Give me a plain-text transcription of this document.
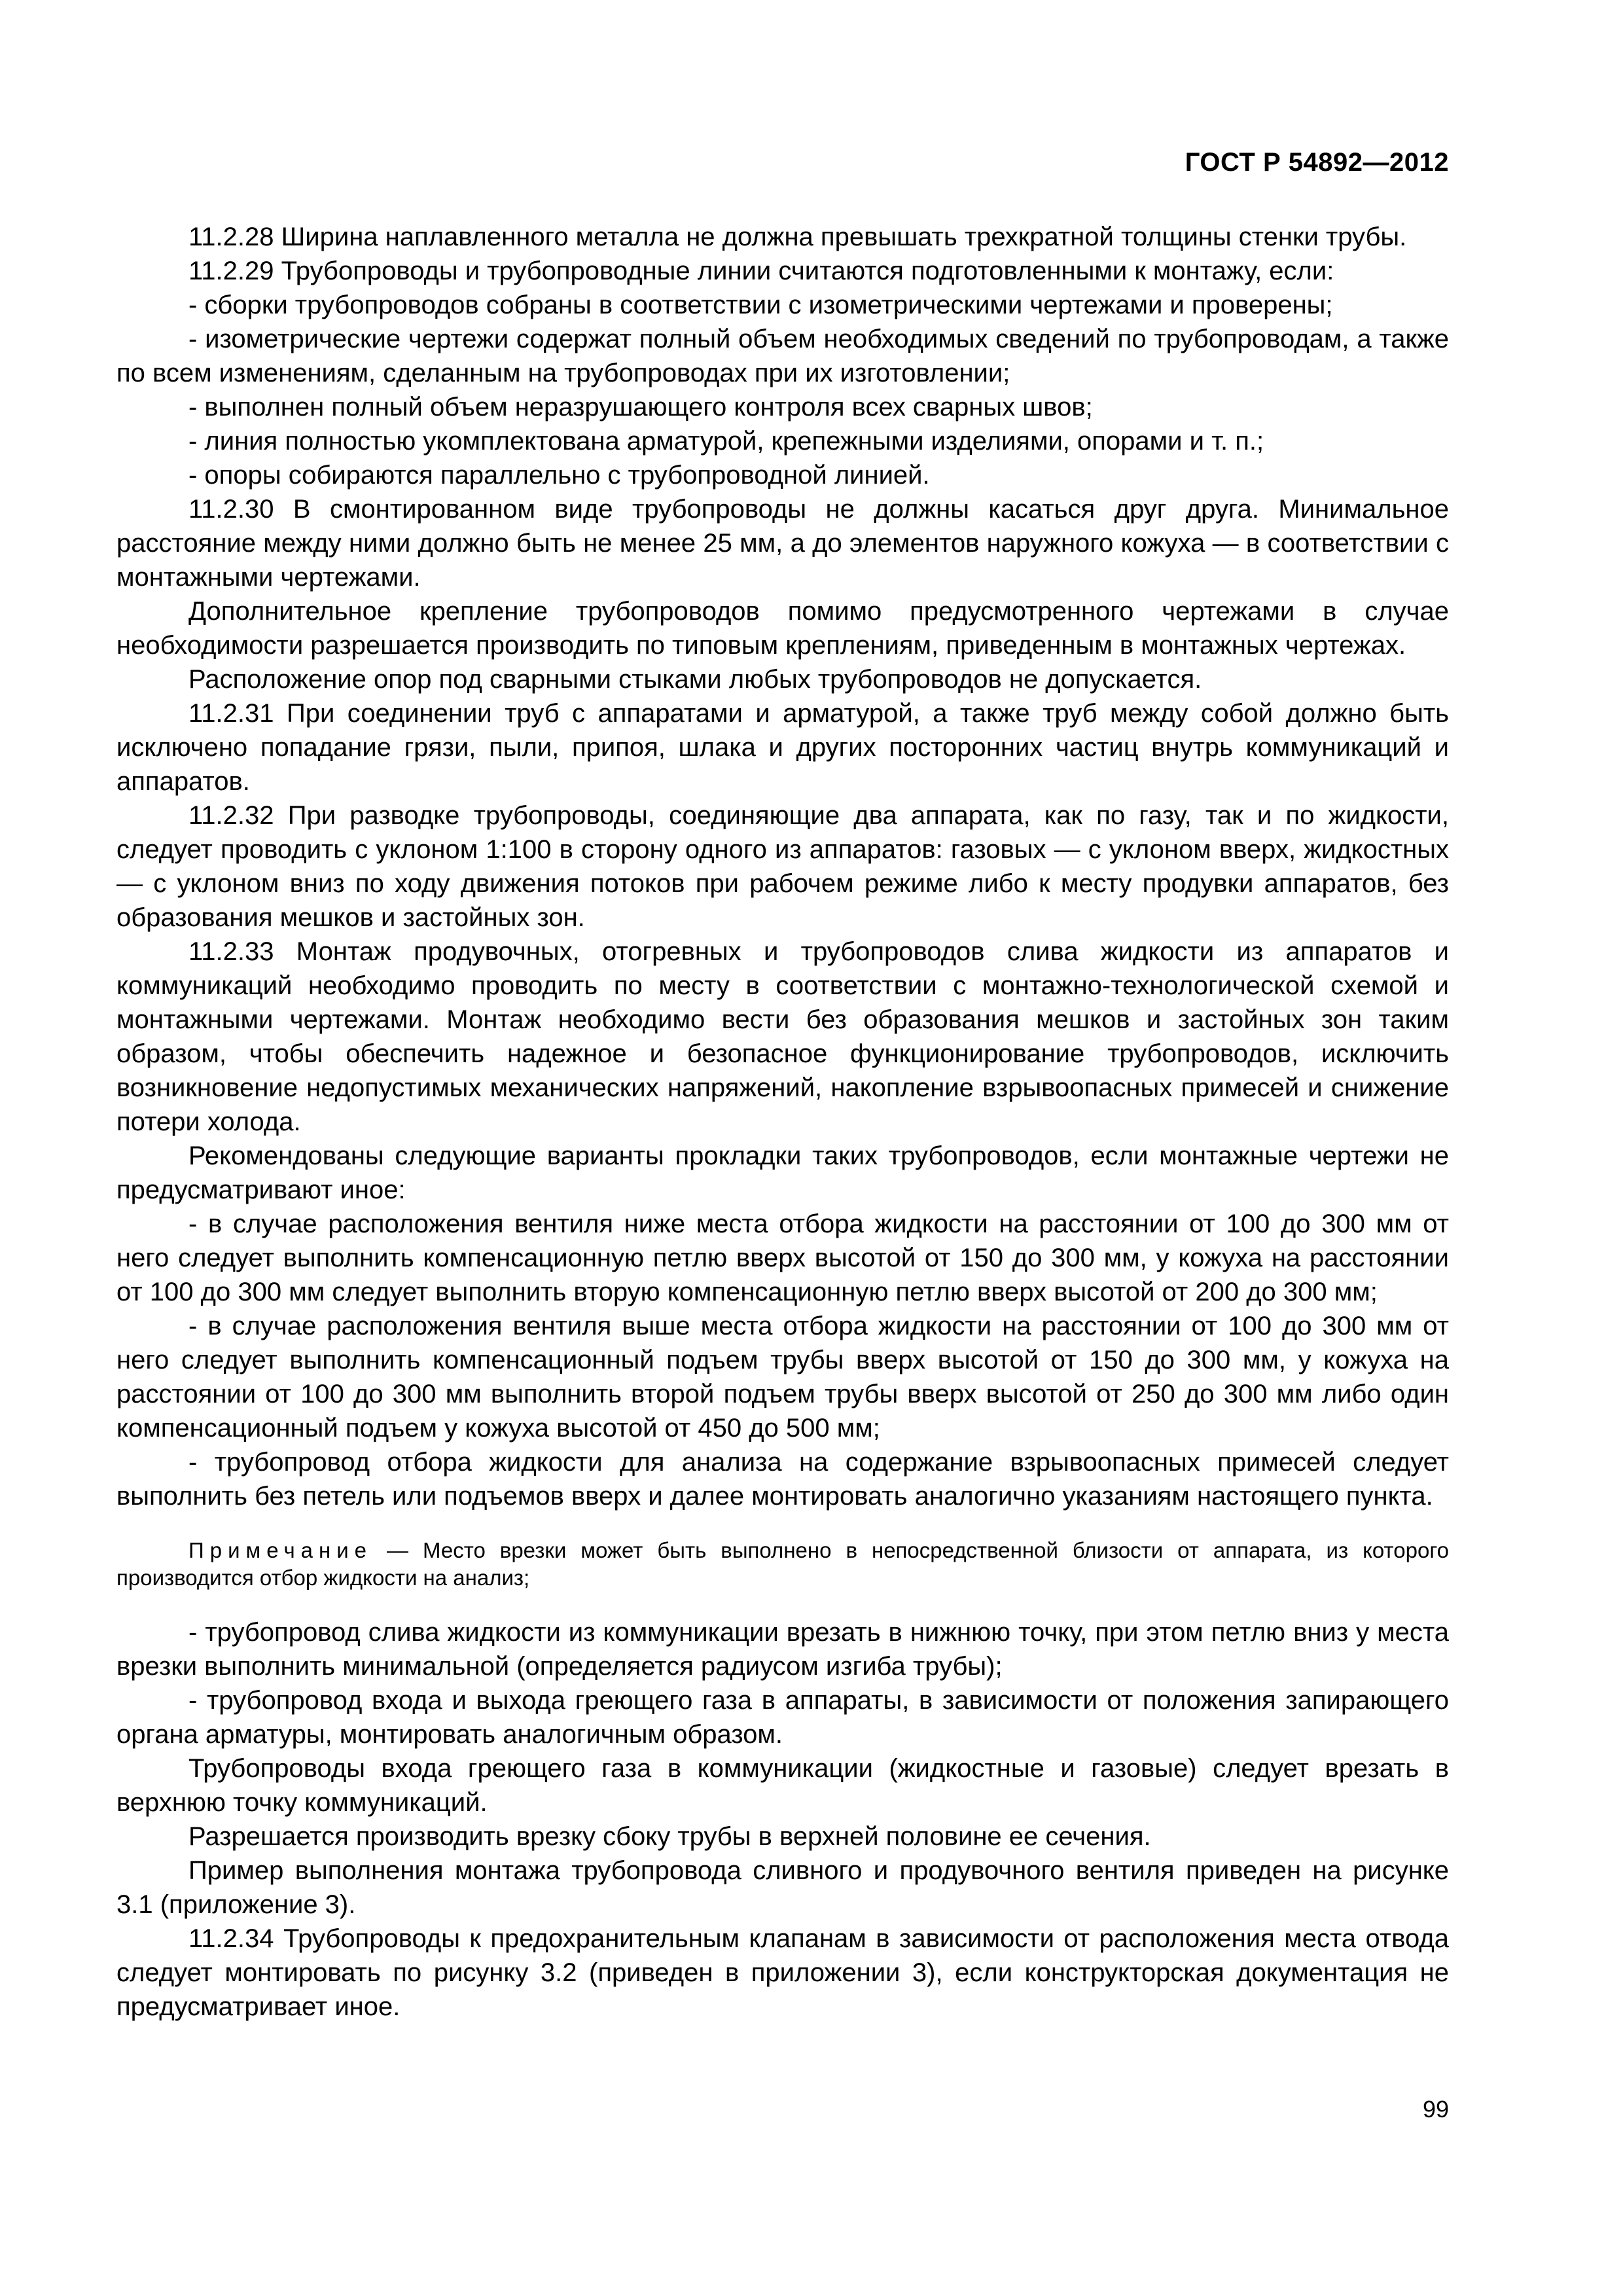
ГОСТ Р 54892—2012

11.2.28 Ширина наплавленного металла не должна превышать трехкратной толщины стенки трубы.

11.2.29 Трубопроводы и трубопроводные линии считаются подготовленными к монтажу, если:

- сборки трубопроводов собраны в соответствии с изометрическими чертежами и проверены;

- изометрические чертежи содержат полный объем необходимых сведений по трубопроводам, а также по всем изменениям, сделанным на трубопроводах при их изготовлении;

- выполнен полный объем неразрушающего контроля всех сварных швов;

- линия полностью укомплектована арматурой, крепежными изделиями, опорами и т. п.;

- опоры собираются параллельно с трубопроводной линией.

11.2.30 В смонтированном виде трубопроводы не должны касаться друг друга. Минимальное расстояние между ними должно быть не менее 25 мм, а до элементов наружного кожуха — в соответствии с монтажными чертежами.

Дополнительное крепление трубопроводов помимо предусмотренного чертежами в случае необходимости разрешается производить по типовым креплениям, приведенным в монтажных чертежах.

Расположение опор под сварными стыками любых трубопроводов не допускается.

11.2.31 При соединении труб с аппаратами и арматурой, а также труб между собой должно быть исключено попадание грязи, пыли, припоя, шлака и других посторонних частиц внутрь коммуникаций и аппаратов.

11.2.32 При разводке трубопроводы, соединяющие два аппарата, как по газу, так и по жидкости, следует проводить с уклоном 1:100 в сторону одного из аппаратов: газовых — с уклоном вверх, жидкостных — с уклоном вниз по ходу движения потоков при рабочем режиме либо к месту продувки аппаратов, без образования мешков и застойных зон.

11.2.33 Монтаж продувочных, отогревных и трубопроводов слива жидкости из аппаратов и коммуникаций необходимо проводить по месту в соответствии с монтажно-технологической схемой и монтажными чертежами. Монтаж необходимо вести без образования мешков и застойных зон таким образом, чтобы обеспечить надежное и безопасное функционирование трубопроводов, исключить возникновение недопустимых механических напряжений, накопление взрывоопасных примесей и снижение потери холода.

Рекомендованы следующие варианты прокладки таких трубопроводов, если монтажные чертежи не предусматривают иное:

- в случае расположения вентиля ниже места отбора жидкости на расстоянии от 100 до 300 мм от него следует выполнить компенсационную петлю вверх высотой от 150 до 300 мм, у кожуха на расстоянии от 100 до 300 мм следует выполнить вторую компенсационную петлю вверх высотой от 200 до 300 мм;

- в случае расположения вентиля выше места отбора жидкости на расстоянии от 100 до 300 мм от него следует выполнить компенсационный подъем трубы вверх высотой от 150 до 300 мм, у кожуха на расстоянии от 100 до 300 мм выполнить второй подъем трубы вверх высотой от 250 до 300 мм либо один компенсационный подъем у кожуха высотой от 450 до 500 мм;

- трубопровод отбора жидкости для анализа на содержание взрывоопасных примесей следует выполнить без петель или подъемов вверх и далее монтировать аналогично указаниям настоящего пункта.

Примечание — Место врезки может быть выполнено в непосредственной близости от аппарата, из которого производится отбор жидкости на анализ;

- трубопровод слива жидкости из коммуникации врезать в нижнюю точку, при этом петлю вниз у места врезки выполнить минимальной (определяется радиусом изгиба трубы);

- трубопровод входа и выхода греющего газа в аппараты, в зависимости от положения запирающего органа арматуры, монтировать аналогичным образом.

Трубопроводы входа греющего газа в коммуникации (жидкостные и газовые) следует врезать в верхнюю точку коммуникаций.

Разрешается производить врезку сбоку трубы в верхней половине ее сечения.

Пример выполнения монтажа трубопровода сливного и продувочного вентиля приведен на рисунке 3.1 (приложение 3).

11.2.34 Трубопроводы к предохранительным клапанам в зависимости от расположения места отвода следует монтировать по рисунку 3.2 (приведен в приложении 3), если конструкторская документация не предусматривает иное.

99
